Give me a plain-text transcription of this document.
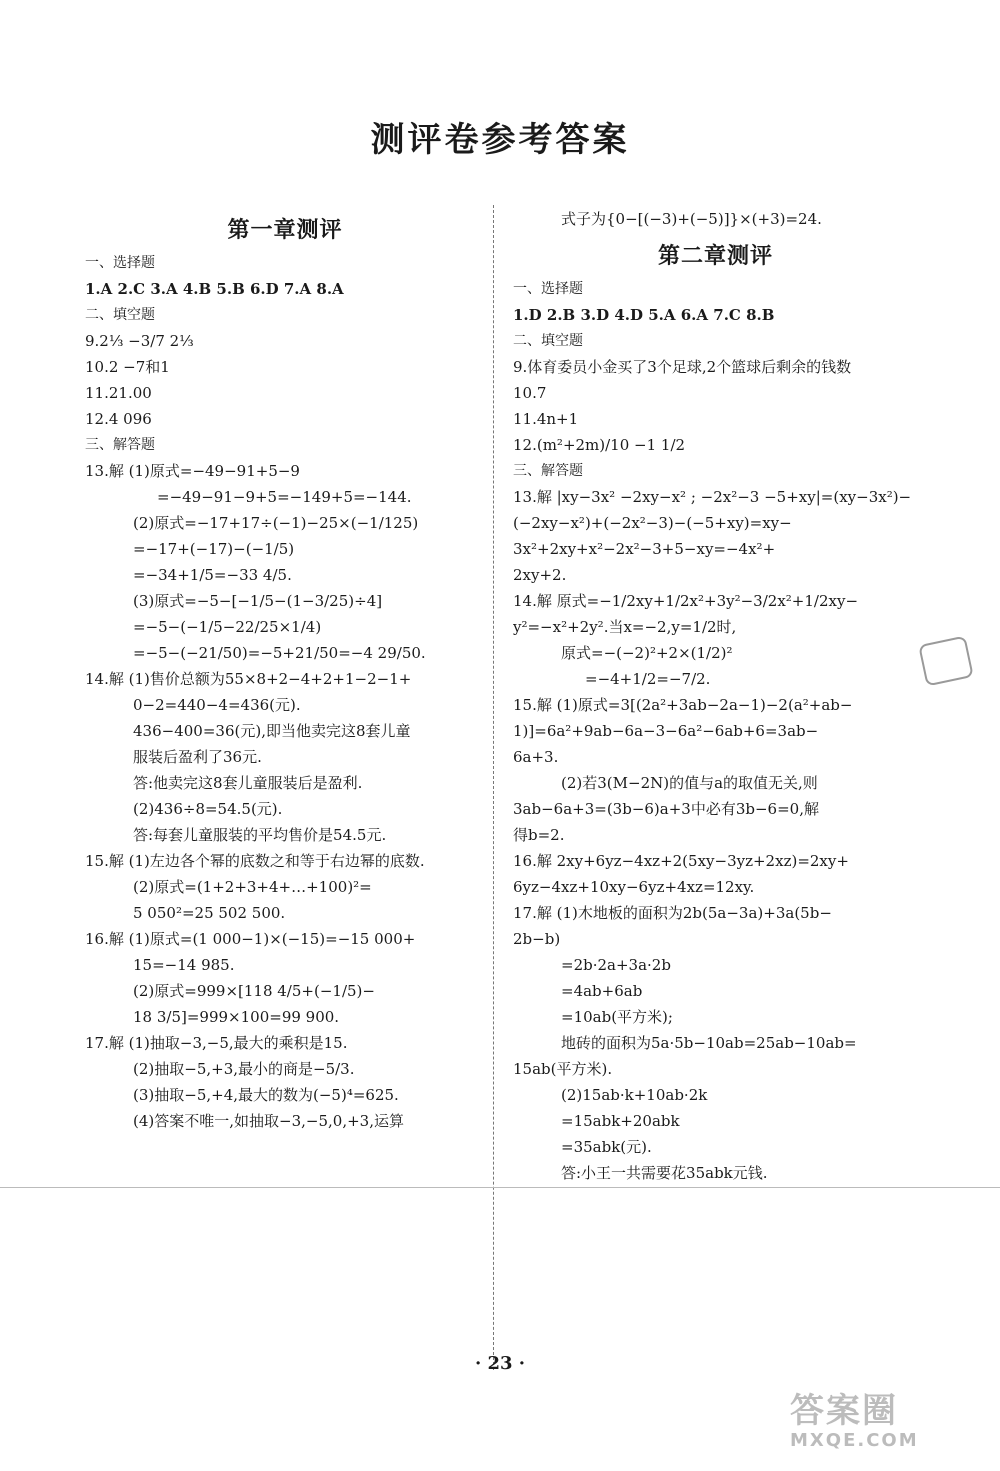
测评卷参考答案
第一章测评
一、选择题
1.A 2.C 3.A 4.B 5.B 6.D 7.A 8.A
二、填空题
9.2⅓ −3/7 2⅓
10.2 −7和1
11.21.00
12.4 096
三、解答题
13.解 (1)原式=−49−91+5−9
=−49−91−9+5=−149+5=−144.
(2)原式=−17+17÷(−1)−25×(−1/125)
=−17+(−17)−(−1/5)
=−34+1/5=−33 4/5.
(3)原式=−5−[−1/5−(1−3/25)÷4]
=−5−(−1/5−22/25×1/4)
=−5−(−21/50)=−5+21/50=−4 29/50.
14.解 (1)售价总额为55×8+2−4+2+1−2−1+
0−2=440−4=436(元).
436−400=36(元),即当他卖完这8套儿童
服装后盈利了36元.
答:他卖完这8套儿童服装后是盈利.
(2)436÷8=54.5(元).
答:每套儿童服装的平均售价是54.5元.
15.解 (1)左边各个幂的底数之和等于右边幂的底数.
(2)原式=(1+2+3+4+…+100)²=
5 050²=25 502 500.
16.解 (1)原式=(1 000−1)×(−15)=−15 000+
15=−14 985.
(2)原式=999×[118 4/5+(−1/5)−
18 3/5]=999×100=99 900.
17.解 (1)抽取−3,−5,最大的乘积是15.
(2)抽取−5,+3,最小的商是−5/3.
(3)抽取−5,+4,最大的数为(−5)⁴=625.
(4)答案不唯一,如抽取−3,−5,0,+3,运算
式子为{0−[(−3)+(−5)]}×(+3)=24.
第二章测评
一、选择题
1.D 2.B 3.D 4.D 5.A 6.A 7.C 8.B
二、填空题
9.体育委员小金买了3个足球,2个篮球后剩余的钱数
10.7
11.4n+1
12.(m²+2m)/10 −1 1/2
三、解答题
13.解 |xy−3x² −2xy−x² ; −2x²−3 −5+xy|=(xy−3x²)−
(−2xy−x²)+(−2x²−3)−(−5+xy)=xy−
3x²+2xy+x²−2x²−3+5−xy=−4x²+
2xy+2.
14.解 原式=−1/2xy+1/2x²+3y²−3/2x²+1/2xy−
y²=−x²+2y².当x=−2,y=1/2时,
原式=−(−2)²+2×(1/2)²
=−4+1/2=−7/2.
15.解 (1)原式=3[(2a²+3ab−2a−1)−2(a²+ab−
1)]=6a²+9ab−6a−3−6a²−6ab+6=3ab−
6a+3.
(2)若3(M−2N)的值与a的取值无关,则
3ab−6a+3=(3b−6)a+3中必有3b−6=0,解
得b=2.
16.解 2xy+6yz−4xz+2(5xy−3yz+2xz)=2xy+
6yz−4xz+10xy−6yz+4xz=12xy.
17.解 (1)木地板的面积为2b(5a−3a)+3a(5b−
2b−b)
=2b·2a+3a·2b
=4ab+6ab
=10ab(平方米);
地砖的面积为5a·5b−10ab=25ab−10ab=
15ab(平方米).
(2)15ab·k+10ab·2k
=15abk+20abk
=35abk(元).
答:小王一共需要花35abk元钱.
· 23 ·
答案圈
MXQE.COM
